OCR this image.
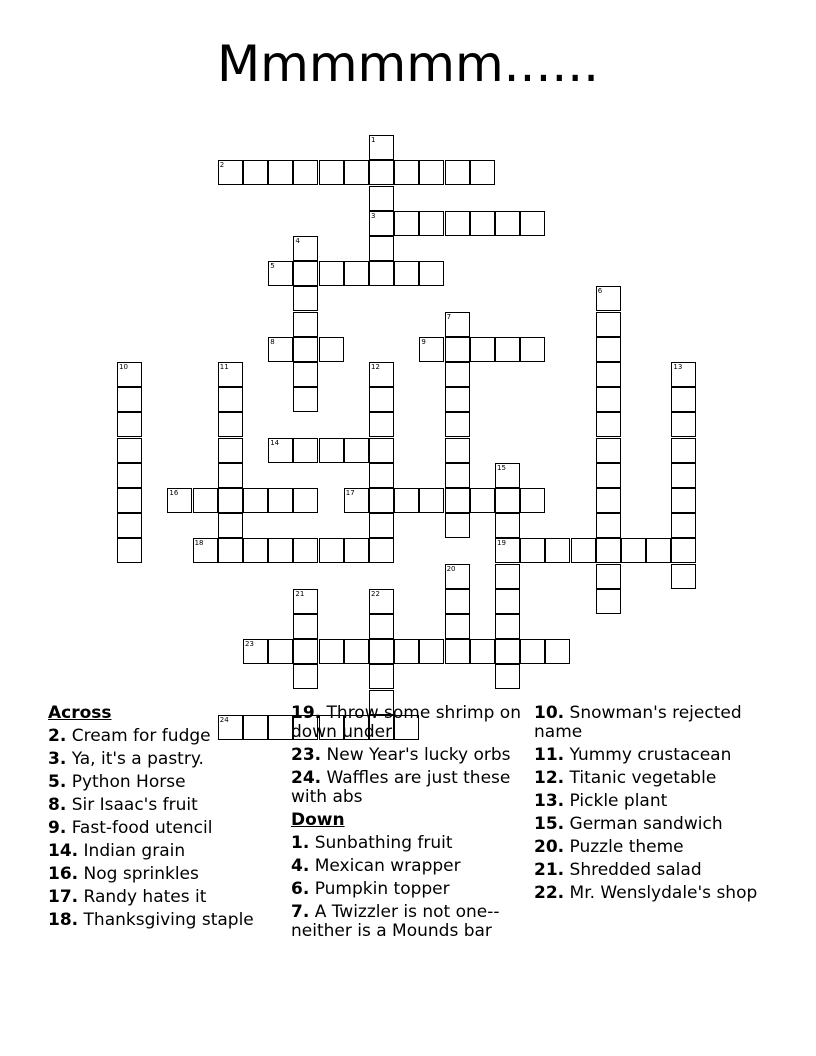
Mmmmmm......
1
2
3
4
5
6
7
8	9
10	11	12	13
14
15
16	17
18	19
20
21	22
23
24
Across

2. Cream for fudge

3. Ya, it's a pastry.

5. Python Horse

8. Sir Isaac's fruit

9. Fast-food utencil

14. Indian grain

16. Nog sprinkles

17. Randy hates it

18. Thanksgiving staple

19. Throw some shrimp on down under

23. New Year's lucky orbs

24. Waffles are just these with abs

Down

1. Sunbathing fruit

4. Mexican wrapper

6. Pumpkin topper

7. A Twizzler is not one--neither is a Mounds bar

10. Snowman's rejected name

11. Yummy crustacean

12. Titanic vegetable

13. Pickle plant

15. German sandwich

20. Puzzle theme

21. Shredded salad

22. Mr. Wenslydale's shop
